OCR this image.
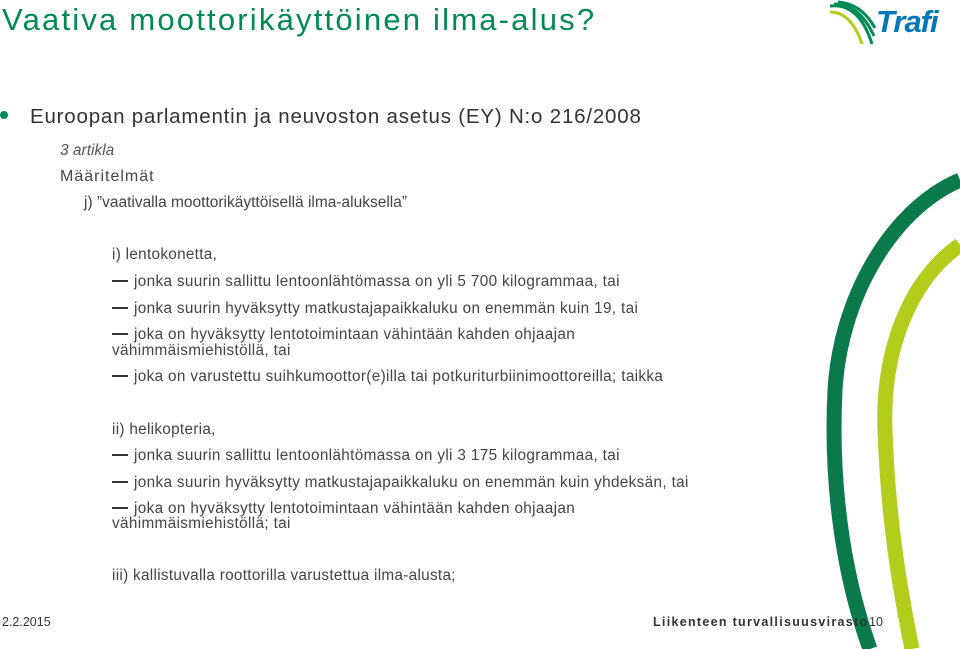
Vaativa moottorikäyttöinen ilma-alus?	Trafi
Euroopan parlamentin ja neuvoston asetus (EY) N:o 216/2008
3 artikla
Määritelmät
j) ”vaativalla moottorikäyttöisellä ilma-aluksella”
i) lentokonetta,
jonka suurin sallittu lentoonlähtömassa on yli 5 700 kilogrammaa, tai
jonka suurin hyväksytty matkustajapaikkaluku on enemmän kuin 19, tai
joka on hyväksytty lentotoimintaan vähintään kahden ohjaajan
vähimmäismiehistöllä, tai
joka on varustettu suihkumoottor(e)illa tai potkuriturbiinimoottoreilla; taikka
ii) helikopteria,
jonka suurin sallittu lentoonlähtömassa on yli 3 175 kilogrammaa, tai
jonka suurin hyväksytty matkustajapaikkaluku on enemmän kuin yhdeksän, tai
joka on hyväksytty lentotoimintaan vähintään kahden ohjaajan
vähimmäismiehistöllä; tai
iii) kallistuvalla roottorilla varustettua ilma-alusta;
2.2.2015	Liikenteen turvallisuusvirasto 10
